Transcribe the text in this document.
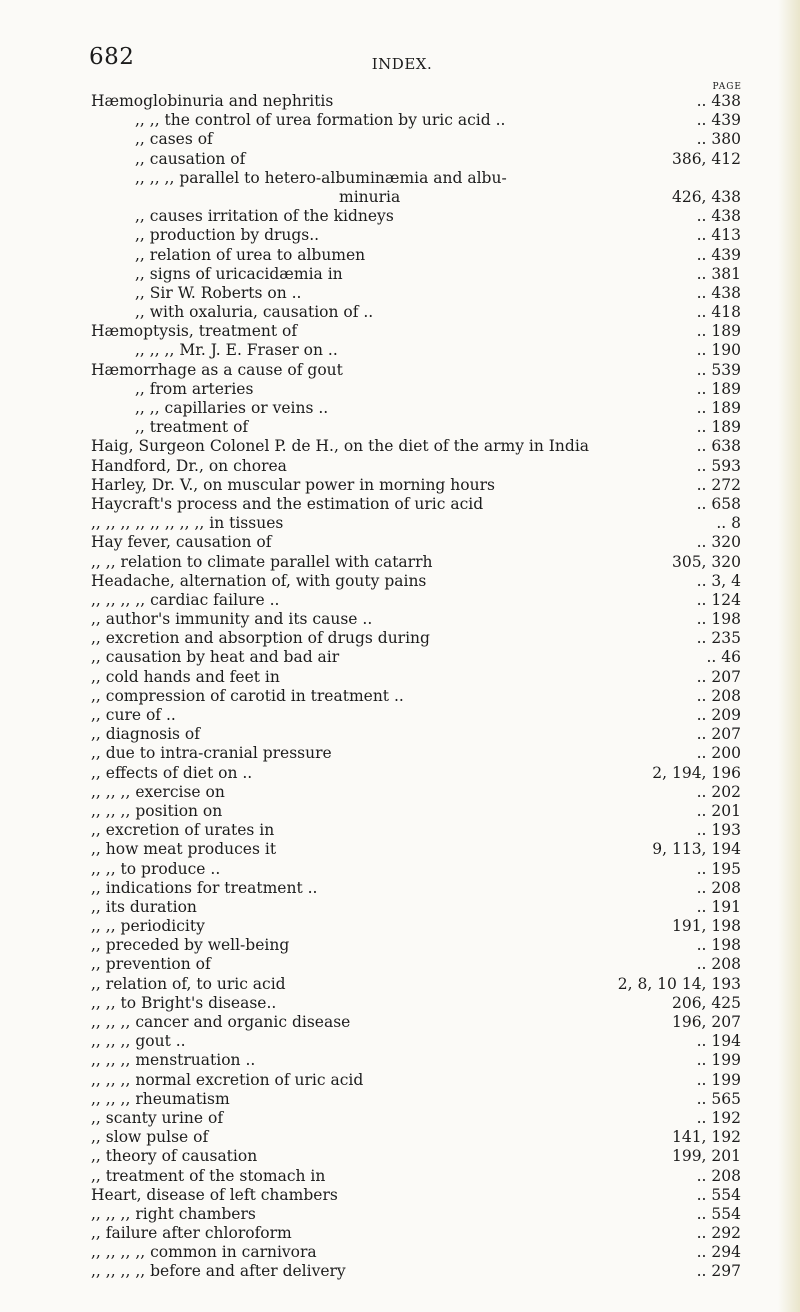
682	INDEX.
PAGE
Hæmoglobinuria and nephritis	.. 438
,, ,, the control of urea formation by uric acid ..	.. 439
,, cases of	.. 380
,, causation of	386, 412
,, ,, ,, parallel to hetero-albuminæmia and albu-
minuria	426, 438
,, causes irritation of the kidneys	.. 438
,, production by drugs..	.. 413
,, relation of urea to albumen	.. 439
,, signs of uricacidæmia in	.. 381
,, Sir W. Roberts on ..	.. 438
,, with oxaluria, causation of ..	.. 418
Hæmoptysis, treatment of	.. 189
,, ,, ,, Mr. J. E. Fraser on ..	.. 190
Hæmorrhage as a cause of gout	.. 539
,, from arteries	.. 189
,, ,, capillaries or veins ..	.. 189
,, treatment of	.. 189
Haig, Surgeon Colonel P. de H., on the diet of the army in India	.. 638
Handford, Dr., on chorea	.. 593
Harley, Dr. V., on muscular power in morning hours	.. 272
Haycraft's process and the estimation of uric acid	.. 658
,, ,, ,, ,, ,, ,, ,, ,, in tissues	.. 8
Hay fever, causation of	.. 320
,, ,, relation to climate parallel with catarrh	305, 320
Headache, alternation of, with gouty pains	.. 3, 4
,, ,, ,, ,, cardiac failure ..	.. 124
,, author's immunity and its cause ..	.. 198
,, excretion and absorption of drugs during	.. 235
,, causation by heat and bad air	.. 46
,, cold hands and feet in	.. 207
,, compression of carotid in treatment ..	.. 208
,, cure of ..	.. 209
,, diagnosis of	.. 207
,, due to intra-cranial pressure	.. 200
,, effects of diet on ..	2, 194, 196
,, ,, ,, exercise on	.. 202
,, ,, ,, position on	.. 201
,, excretion of urates in	.. 193
,, how meat produces it	9, 113, 194
,, ,, to produce ..	.. 195
,, indications for treatment ..	.. 208
,, its duration	.. 191
,, ,, periodicity	191, 198
,, preceded by well-being	.. 198
,, prevention of	.. 208
,, relation of, to uric acid	2, 8, 10 14, 193
,, ,, to Bright's disease..	206, 425
,, ,, ,, cancer and organic disease	196, 207
,, ,, ,, gout ..	.. 194
,, ,, ,, menstruation ..	.. 199
,, ,, ,, normal excretion of uric acid	.. 199
,, ,, ,, rheumatism	.. 565
,, scanty urine of	.. 192
,, slow pulse of	141, 192
,, theory of causation	199, 201
,, treatment of the stomach in	.. 208
Heart, disease of left chambers	.. 554
,, ,, ,, right chambers	.. 554
,, failure after chloroform	.. 292
,, ,, ,, ,, common in carnivora	.. 294
,, ,, ,, ,, before and after delivery	.. 297
